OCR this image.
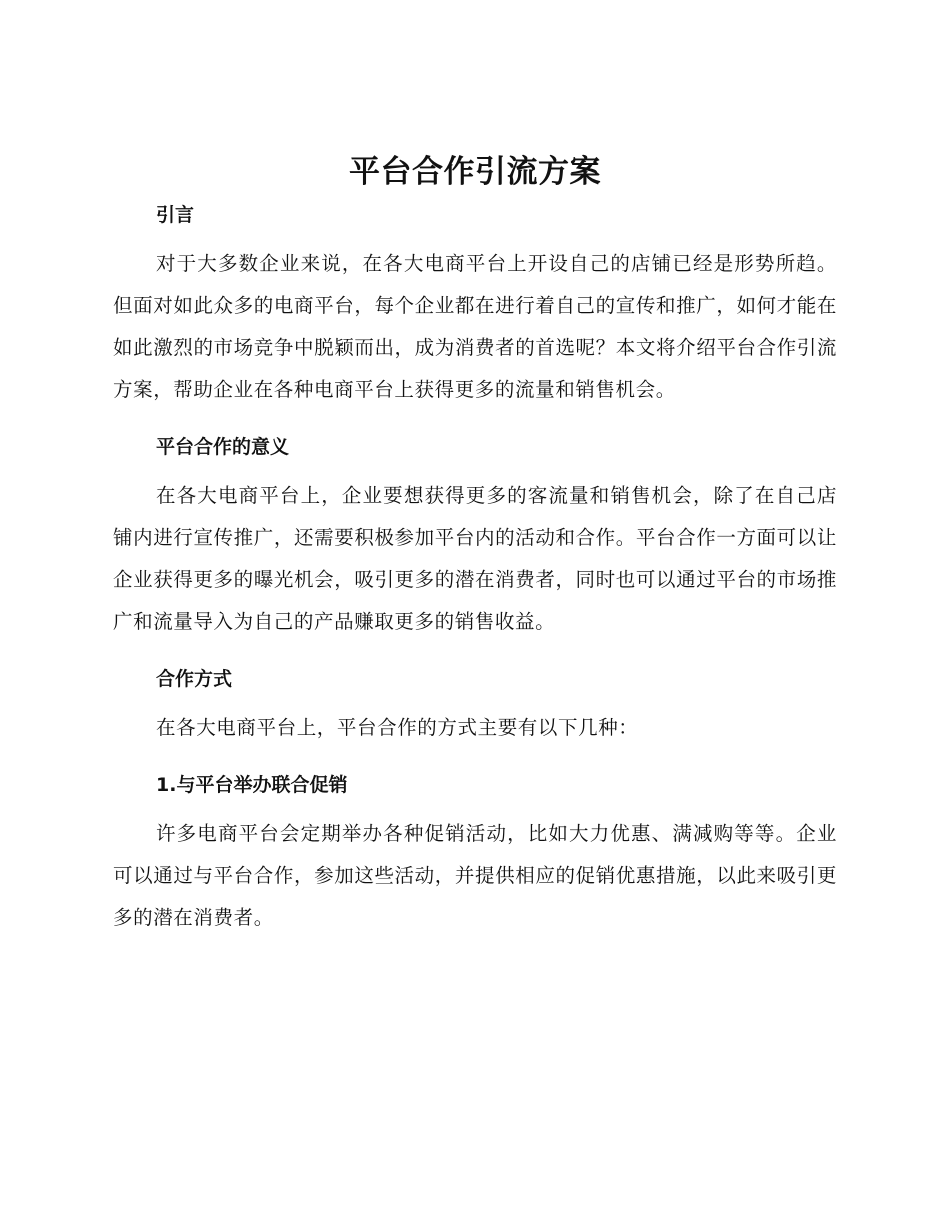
平台合作引流方案
引言

对于大多数企业来说，在各大电商平台上开设自己的店铺已经是形势所趋。但面对如此众多的电商平台，每个企业都在进行着自己的宣传和推广，如何才能在如此激烈的市场竞争中脱颖而出，成为消费者的首选呢？本文将介绍平台合作引流方案，帮助企业在各种电商平台上获得更多的流量和销售机会。

平台合作的意义

在各大电商平台上，企业要想获得更多的客流量和销售机会，除了在自己店铺内进行宣传推广，还需要积极参加平台内的活动和合作。平台合作一方面可以让企业获得更多的曝光机会，吸引更多的潜在消费者，同时也可以通过平台的市场推广和流量导入为自己的产品赚取更多的销售收益。

合作方式

在各大电商平台上，平台合作的方式主要有以下几种：

1.与平台举办联合促销

许多电商平台会定期举办各种促销活动，比如大力优惠、满减购等等。企业可以通过与平台合作，参加这些活动，并提供相应的促销优惠措施，以此来吸引更多的潜在消费者。
